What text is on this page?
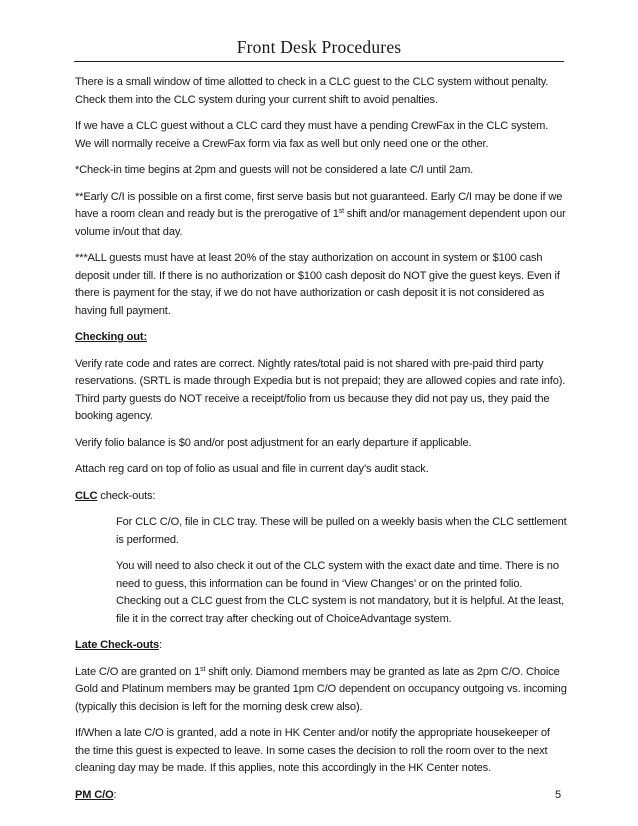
Front Desk Procedures

There is a small window of time allotted to check in a CLC guest to the CLC system without penalty. Check them into the CLC system during your current shift to avoid penalties.

If we have a CLC guest without a CLC card they must have a pending CrewFax in the CLC system. We will normally receive a CrewFax form via fax as well but only need one or the other.

*Check-in time begins at 2pm and guests will not be considered a late C/I until 2am.

**Early C/I is possible on a first come, first serve basis but not guaranteed. Early C/I may be done if we have a room clean and ready but is the prerogative of 1st shift and/or management dependent upon our volume in/out that day.

***ALL guests must have at least 20% of the stay authorization on account in system or $100 cash deposit under till. If there is no authorization or $100 cash deposit do NOT give the guest keys. Even if there is payment for the stay, if we do not have authorization or cash deposit it is not considered as having full payment.

Checking out:

Verify rate code and rates are correct. Nightly rates/total paid is not shared with pre-paid third party reservations. (SRTL is made through Expedia but is not prepaid; they are allowed copies and rate info). Third party guests do NOT receive a receipt/folio from us because they did not pay us, they paid the booking agency.

Verify folio balance is $0 and/or post adjustment for an early departure if applicable.

Attach reg card on top of folio as usual and file in current day’s audit stack.

CLC check-outs:

For CLC C/O, file in CLC tray. These will be pulled on a weekly basis when the CLC settlement is performed.

You will need to also check it out of the CLC system with the exact date and time. There is no need to guess, this information can be found in ‘View Changes’ or on the printed folio. Checking out a CLC guest from the CLC system is not mandatory, but it is helpful. At the least, file it in the correct tray after checking out of ChoiceAdvantage system.

Late Check-outs:

Late C/O are granted on 1st shift only. Diamond members may be granted as late as 2pm C/O. Choice Gold and Platinum members may be granted 1pm C/O dependent on occupancy outgoing vs. incoming (typically this decision is left for the morning desk crew also).

If/When a late C/O is granted, add a note in HK Center and/or notify the appropriate housekeeper of the time this guest is expected to leave. In some cases the decision to roll the room over to the next cleaning day may be made. If this applies, note this accordingly in the HK Center notes.

PM C/O:	5
